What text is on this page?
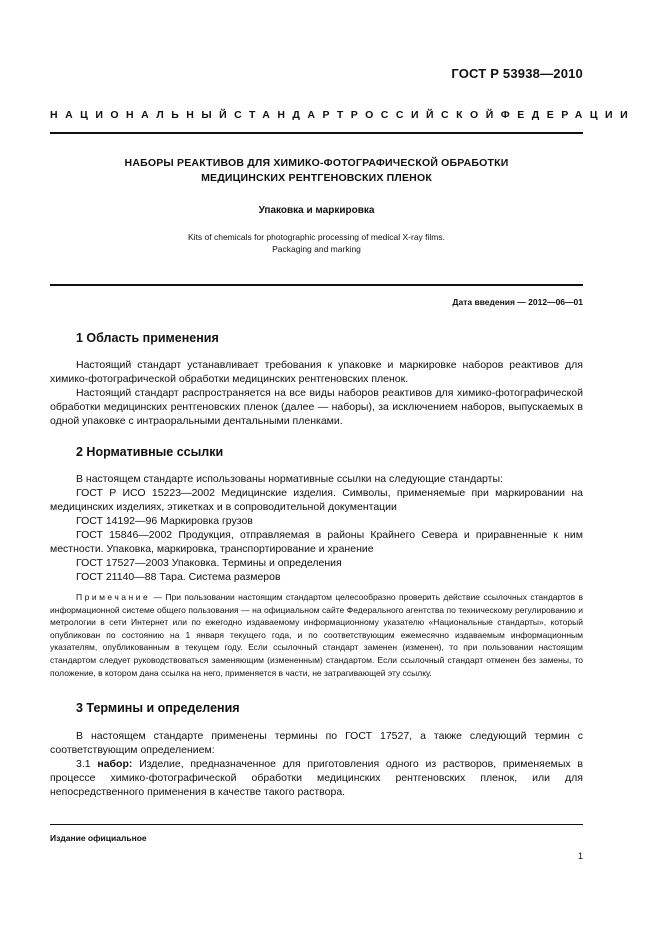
ГОСТ Р 53938—2010
НАЦИОНАЛЬНЫЙ СТАНДАРТ РОССИЙСКОЙ ФЕДЕРАЦИИ
НАБОРЫ РЕАКТИВОВ ДЛЯ ХИМИКО-ФОТОГРАФИЧЕСКОЙ ОБРАБОТКИ
МЕДИЦИНСКИХ РЕНТГЕНОВСКИХ ПЛЕНОК
Упаковка и маркировка
Kits of chemicals for photographic processing of medical X-ray films.
Packaging and marking
Дата введения — 2012—06—01
1 Область применения

Настоящий стандарт устанавливает требования к упаковке и маркировке наборов реактивов для химико-фотографической обработки медицинских рентгеновских пленок.

Настоящий стандарт распространяется на все виды наборов реактивов для химико-фотографической обработки медицинских рентгеновских пленок (далее — наборы), за исключением наборов, выпускаемых в одной упаковке с интраоральными дентальными пленками.

2 Нормативные ссылки

В настоящем стандарте использованы нормативные ссылки на следующие стандарты:

ГОСТ Р ИСО 15223—2002 Медицинские изделия. Символы, применяемые при маркировании на медицинских изделиях, этикетках и в сопроводительной документации

ГОСТ 14192—96 Маркировка грузов

ГОСТ 15846—2002 Продукция, отправляемая в районы Крайнего Севера и приравненные к ним местности. Упаковка, маркировка, транспортирование и хранение

ГОСТ 17527—2003 Упаковка. Термины и определения

ГОСТ 21140—88 Тара. Система размеров

Примечание — При пользовании настоящим стандартом целесообразно проверить действие ссылочных стандартов в информационной системе общего пользования — на официальном сайте Федерального агентства по техническому регулированию и метрологии в сети Интернет или по ежегодно издаваемому информационному указателю «Национальные стандарты», который опубликован по состоянию на 1 января текущего года, и по соответствующим ежемесячно издаваемым информационным указателям, опубликованным в текущем году. Если ссылочный стандарт заменен (изменен), то при пользовании настоящим стандартом следует руководствоваться заменяющим (измененным) стандартом. Если ссылочный стандарт отменен без замены, то положение, в котором дана ссылка на него, применяется в части, не затрагивающей эту ссылку.

3 Термины и определения

В настоящем стандарте применены термины по ГОСТ 17527, а также следующий термин с соответствующим определением:

3.1 набор: Изделие, предназначенное для приготовления одного из растворов, применяемых в процессе химико-фотографической обработки медицинских рентгеновских пленок, или для непосредственного применения в качестве такого раствора.

Издание официальное
1
